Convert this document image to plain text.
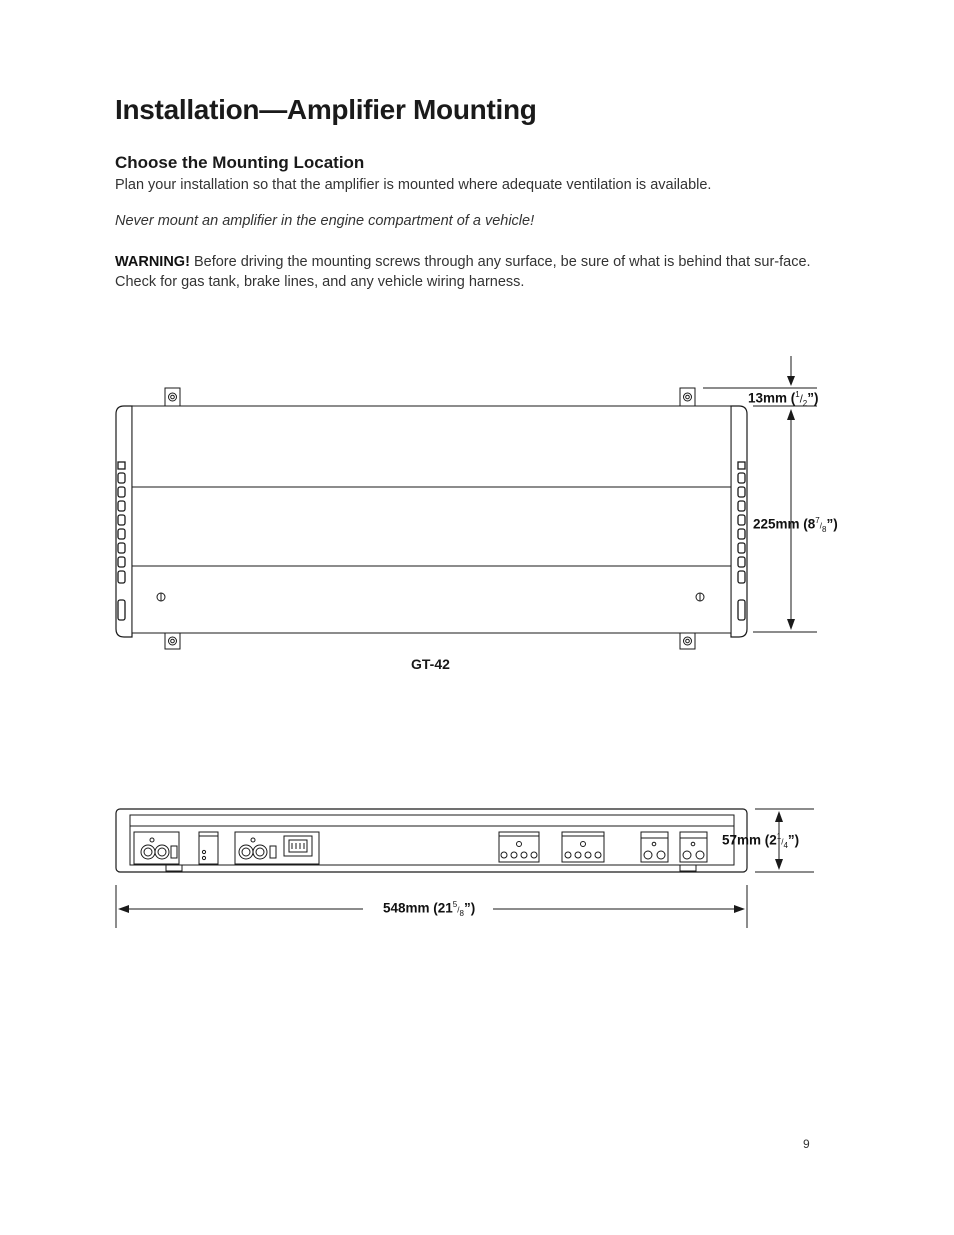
Installation—Amplifier Mounting
Choose the Mounting Location

Plan your installation so that the amplifier is mounted where adequate ventilation is available.

Never mount an amplifier in the engine compartment of a vehicle!

WARNING! Before driving the mounting screws through any surface, be sure of what is behind that sur-face. Check for gas tank, brake lines, and any vehicle wiring harness.

13mm $(^1/_2”)$
225mm $(8^7/_8”)$
57mm $(2^1/_4”)$
548mm $(21^5/_8”)$
GT-42
9
